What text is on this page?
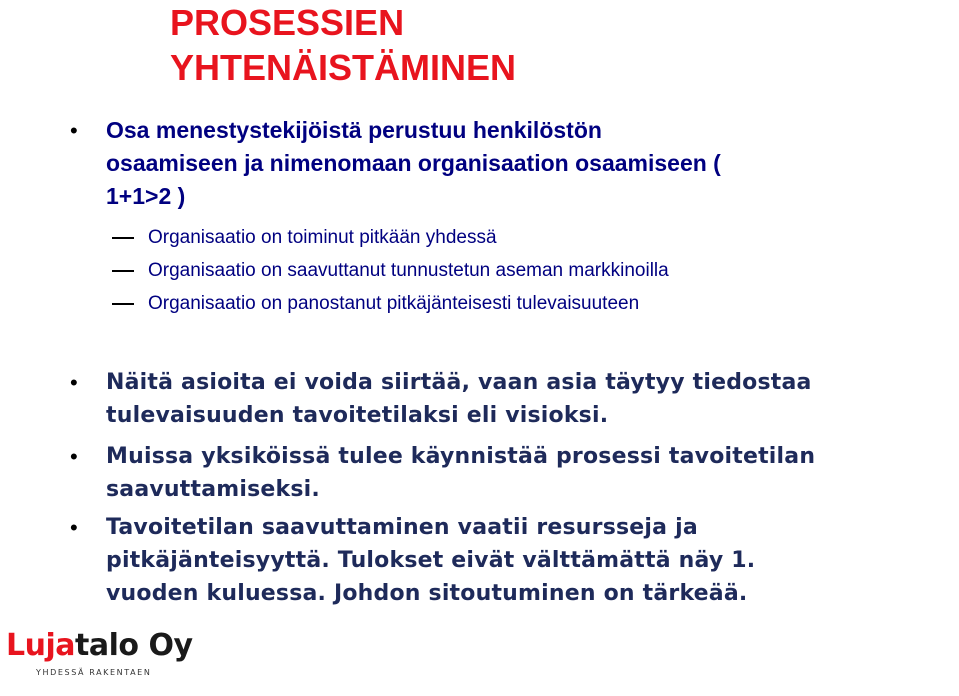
PROSESSIEN
YHTENÄISTÄMINEN
• Osa menestystekijöistä perustuu henkilöstön
osaamiseen ja nimenomaan organisaation osaamiseen (
1+1>2 )

Organisaatio on toiminut pitkään yhdessä
Organisaatio on saavuttanut tunnustetun aseman markkinoilla
Organisaatio on panostanut pitkäjänteisesti tulevaisuuteen
• Näitä asioita ei voida siirtää, vaan asia täytyy tiedostaa
tulevaisuuden tavoitetilaksi eli visioksi.

• Muissa yksiköissä tulee käynnistää prosessi tavoitetilan
saavuttamiseksi.

• Tavoitetilan saavuttaminen vaatii resursseja ja
pitkäjänteisyyttä. Tulokset eivät välttämättä näy 1.
vuoden kuluessa. Johdon sitoutuminen on tärkeää.

Lujatalo Oy
YHDESSÄ RAKENTAEN
